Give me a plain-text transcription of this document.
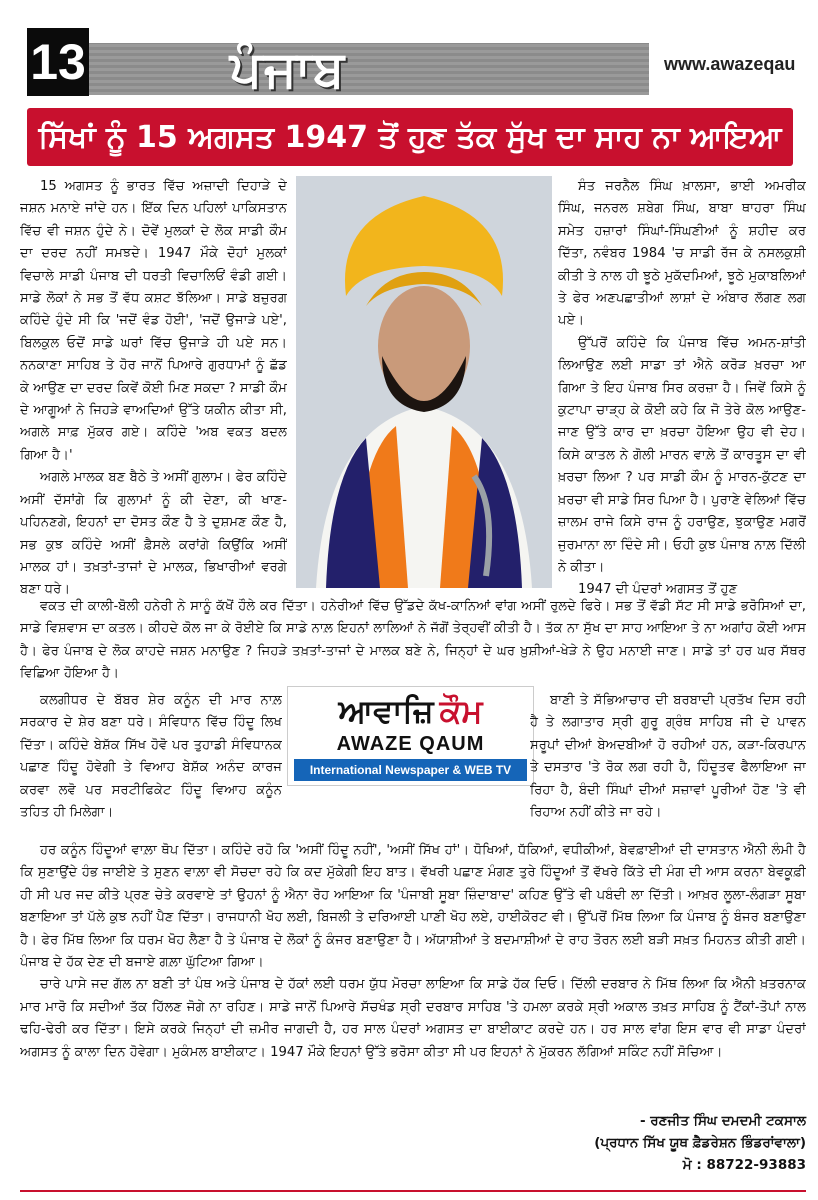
13	ਪੰਜਾਬ	www.awazeqau
ਸਿੱਖਾਂ ਨੂੰ 15 ਅਗਸਤ 1947 ਤੋਂ ਹੁਣ ਤੱਕ ਸੁੱਖ ਦਾ ਸਾਹ ਨਾ ਆਇਆ

15 ਅਗਸਤ ਨੂੰ ਭਾਰਤ ਵਿੱਚ ਅਜ਼ਾਦੀ ਦਿਹਾੜੇ ਦੇ ਜਸ਼ਨ ਮਨਾਏ ਜਾਂਦੇ ਹਨ। ਇੱਕ ਦਿਨ ਪਹਿਲਾਂ ਪਾਕਿਸਤਾਨ ਵਿੱਚ ਵੀ ਜਸ਼ਨ ਹੁੰਦੇ ਨੇ। ਦੋਵੇਂ ਮੁਲਕਾਂ ਦੇ ਲੋਕ ਸਾਡੀ ਕੌਮ ਦਾ ਦਰਦ ਨਹੀਂ ਸਮਝਦੇ। 1947 ਮੌਕੇ ਦੋਹਾਂ ਮੁਲਕਾਂ ਵਿਚਾਲੇ ਸਾਡੀ ਪੰਜਾਬ ਦੀ ਧਰਤੀ ਵਿਚਾਲਿਓਂ ਵੰਡੀ ਗਈ। ਸਾਡੇ ਲੋਕਾਂ ਨੇ ਸਭ ਤੋਂ ਵੱਧ ਕਸ਼ਟ ਝੱਲਿਆ। ਸਾਡੇ ਬਜ਼ੁਰਗ ਕਹਿੰਦੇ ਹੁੰਦੇ ਸੀ ਕਿ 'ਜਦੋਂ ਵੰਡ ਹੋਈ', 'ਜਦੋਂ ਉਜਾੜੇ ਪਏ', ਬਿਲਕੁਲ ਓਦੋਂ ਸਾਡੇ ਘਰਾਂ ਵਿੱਚ ਉਜਾੜੇ ਹੀ ਪਏ ਸਨ। ਨਨਕਾਣਾ ਸਾਹਿਬ ਤੇ ਹੋਰ ਜਾਨੋਂ ਪਿਆਰੇ ਗੁਰਧਾਮਾਂ ਨੂੰ ਛੱਡ ਕੇ ਆਉਣ ਦਾ ਦਰਦ ਕਿਵੇਂ ਕੋਈ ਮਿਣ ਸਕਦਾ ? ਸਾਡੀ ਕੌਮ ਦੇ ਆਗੂਆਂ ਨੇ ਜਿਹੜੇ ਵਾਅਦਿਆਂ ਉੱਤੇ ਯਕੀਨ ਕੀਤਾ ਸੀ, ਅਗਲੇ ਸਾਫ਼ ਮੁੱਕਰ ਗਏ। ਕਹਿੰਦੇ 'ਅਬ ਵਕਤ ਬਦਲ ਗਿਆ ਹੈ।'

ਅਗਲੇ ਮਾਲਕ ਬਣ ਬੈਠੇ ਤੇ ਅਸੀਂ ਗੁਲਾਮ। ਫੇਰ ਕਹਿੰਦੇ ਅਸੀਂ ਦੱਸਾਂਗੇ ਕਿ ਗੁਲਾਮਾਂ ਨੂੰ ਕੀ ਦੇਣਾ, ਕੀ ਖਾਣ-ਪਹਿਨਣਗੇ, ਇਹਨਾਂ ਦਾ ਦੋਸਤ ਕੌਣ ਹੈ ਤੇ ਦੁਸ਼ਮਣ ਕੌਣ ਹੈ, ਸਭ ਕੁਝ ਕਹਿੰਦੇ ਅਸੀਂ ਫ਼ੈਸਲੇ ਕਰਾਂਗੇ ਕਿਉਂਕਿ ਅਸੀਂ ਮਾਲਕ ਹਾਂ। ਤਖ਼ਤਾਂ-ਤਾਜਾਂ ਦੇ ਮਾਲਕ, ਭਿਖਾਰੀਆਂ ਵਰਗੇ ਬਣਾ ਧਰੇ।

ਸੰਤ ਜਰਨੈਲ ਸਿੰਘ ਖ਼ਾਲਸਾ, ਭਾਈ ਅਮਰੀਕ ਸਿੰਘ, ਜਨਰਲ ਸ਼ਬੇਗ ਸਿੰਘ, ਬਾਬਾ ਥਾਹਰਾ ਸਿੰਘ ਸਮੇਤ ਹਜ਼ਾਰਾਂ ਸਿੰਘਾਂ-ਸਿੰਘਣੀਆਂ ਨੂੰ ਸ਼ਹੀਦ ਕਰ ਦਿੱਤਾ, ਨਵੰਬਰ 1984 'ਚ ਸਾਡੀ ਰੱਜ ਕੇ ਨਸਲਕੁਸ਼ੀ ਕੀਤੀ ਤੇ ਨਾਲ ਹੀ ਝੂਠੇ ਮੁਕੱਦਮਿਆਂ, ਝੂਠੇ ਮੁਕਾਬਲਿਆਂ ਤੇ ਫੇਰ ਅਣਪਛਾਤੀਆਂ ਲਾਸ਼ਾਂ ਦੇ ਅੰਬਾਰ ਲੱਗਣ ਲਗ ਪਏ।

ਉੱਪਰੋਂ ਕਹਿੰਦੇ ਕਿ ਪੰਜਾਬ ਵਿੱਚ ਅਮਨ-ਸ਼ਾਂਤੀ ਲਿਆਉਣ ਲਈ ਸਾਡਾ ਤਾਂ ਐਨੇ ਕਰੋੜ ਖ਼ਰਚਾ ਆ ਗਿਆ ਤੇ ਇਹ ਪੰਜਾਬ ਸਿਰ ਕਰਜ਼ਾ ਹੈ। ਜਿਵੇਂ ਕਿਸੇ ਨੂੰ ਕੁਟਾਪਾ ਚਾੜ੍ਹ ਕੇ ਕੋਈ ਕਹੇ ਕਿ ਜੋ ਤੇਰੇ ਕੋਲ ਆਉਣ-ਜਾਣ ਉੱਤੇ ਕਾਰ ਦਾ ਖ਼ਰਚਾ ਹੋਇਆ ਉਹ ਵੀ ਦੇਹ। ਕਿਸੇ ਕਾਤਲ ਨੇ ਗੋਲੀ ਮਾਰਨ ਵਾਲ਼ੇ ਤੋਂ ਕਾਰਤੂਸ ਦਾ ਵੀ ਖ਼ਰਚਾ ਲਿਆ ? ਪਰ ਸਾਡੀ ਕੌਮ ਨੂੰ ਮਾਰਨ-ਕੁੱਟਣ ਦਾ ਖ਼ਰਚਾ ਵੀ ਸਾਡੇ ਸਿਰ ਪਿਆ ਹੈ। ਪੁਰਾਣੇ ਵੇਲਿਆਂ ਵਿੱਚ ਜ਼ਾਲਮ ਰਾਜੇ ਕਿਸੇ ਰਾਜ ਨੂੰ ਹਰਾਉਣ, ਝੁਕਾਉਣ ਮਗਰੋਂ ਜੁਰਮਾਨਾ ਲਾ ਦਿੰਦੇ ਸੀ। ਓਹੀ ਕੁਝ ਪੰਜਾਬ ਨਾਲ਼ ਦਿੱਲੀ ਨੇ ਕੀਤਾ।

1947 ਦੀ ਪੰਦਰਾਂ ਅਗਸਤ ਤੋਂ ਹੁਣ

ਵਕਤ ਦੀ ਕਾਲੀ-ਬੋਲੀ ਹਨੇਰੀ ਨੇ ਸਾਨੂੰ ਕੱਖੋਂ ਹੌਲੇ ਕਰ ਦਿੱਤਾ। ਹਨੇਰੀਆਂ ਵਿੱਚ ਉੱਡਦੇ ਕੱਖ-ਕਾਨਿਆਂ ਵਾਂਗ ਅਸੀਂ ਰੁਲਦੇ ਫਿਰੇ। ਸਭ ਤੋਂ ਵੱਡੀ ਸੱਟ ਸੀ ਸਾਡੇ ਭਰੋਸਿਆਂ ਦਾ, ਸਾਡੇ ਵਿਸ਼ਵਾਸ ਦਾ ਕਤਲ। ਕੀਹਦੇ ਕੋਲ ਜਾ ਕੇ ਰੋਈਏ ਕਿ ਸਾਡੇ ਨਾਲ਼ ਇਹਨਾਂ ਲਾਲਿਆਂ ਨੇ ਜੱਗੋਂ ਤੇਰ੍ਹਵੀਂ ਕੀਤੀ ਹੈ। ਤੱਕ ਨਾ ਸੁੱਖ ਦਾ ਸਾਹ ਆਇਆ ਤੇ ਨਾ ਅਗਾਂਹ ਕੋਈ ਆਸ ਹੈ। ਫੇਰ ਪੰਜਾਬ ਦੇ ਲੋਕ ਕਾਹਦੇ ਜਸ਼ਨ ਮਨਾਉਣ ? ਜਿਹੜੇ ਤਖ਼ਤਾਂ-ਤਾਜਾਂ ਦੇ ਮਾਲਕ ਬਣੇ ਨੇ, ਜਿਨ੍ਹਾਂ ਦੇ ਘਰ ਖ਼ੁਸ਼ੀਆਂ-ਖੇੜੇ ਨੇ ਉਹ ਮਨਾਈ ਜਾਣ। ਸਾਡੇ ਤਾਂ ਹਰ ਘਰ ਸੱਥਰ ਵਿਛਿਆ ਹੋਇਆ ਹੈ।

ਕਲਗੀਧਰ ਦੇ ਬੱਬਰ ਸ਼ੇਰ ਕਨੂੰਨ ਦੀ ਮਾਰ ਨਾਲ਼ ਸਰਕਾਰ ਦੇ ਸ਼ੇਰ ਬਣਾ ਧਰੇ। ਸੰਵਿਧਾਨ ਵਿੱਚ ਹਿੰਦੂ ਲਿਖ ਦਿੱਤਾ। ਕਹਿੰਦੇ ਬੇਸ਼ੱਕ ਸਿੱਖ ਹੋਵੋ ਪਰ ਤੁਹਾਡੀ ਸੰਵਿਧਾਨਕ ਪਛਾਣ ਹਿੰਦੂ ਹੋਵੇਗੀ ਤੇ ਵਿਆਹ ਬੇਸ਼ੱਕ ਅਨੰਦ ਕਾਰਜ ਕਰਵਾ ਲਵੋ ਪਰ ਸਰਟੀਫਿਕੇਟ ਹਿੰਦੂ ਵਿਆਹ ਕਨੂੰਨ ਤਹਿਤ ਹੀ ਮਿਲੇਗਾ।

ਆਵਾਜ਼ਿ ਕੌਮ
AWAZE QAUM
International Newspaper & WEB TV

ਬਾਣੀ ਤੇ ਸੱਭਿਆਚਾਰ ਦੀ ਬਰਬਾਦੀ ਪ੍ਰਤੱਖ ਦਿਸ ਰਹੀ ਹੈ ਤੇ ਲਗਾਤਾਰ ਸ੍ਰੀ ਗੁਰੂ ਗ੍ਰੰਥ ਸਾਹਿਬ ਜੀ ਦੇ ਪਾਵਨ ਸਰੂਪਾਂ ਦੀਆਂ ਬੇਅਦਬੀਆਂ ਹੋ ਰਹੀਆਂ ਹਨ, ਕੜਾ-ਕਿਰਪਾਨ ਤੇ ਦਸਤਾਰ 'ਤੇ ਰੋਕ ਲਗ ਰਹੀ ਹੈ, ਹਿੰਦੂਤਵ ਫੈਲਾਇਆ ਜਾ ਰਿਹਾ ਹੈ, ਬੰਦੀ ਸਿੰਘਾਂ ਦੀਆਂ ਸਜ਼ਾਵਾਂ ਪੂਰੀਆਂ ਹੋਣ 'ਤੇ ਵੀ ਰਿਹਾਅ ਨਹੀਂ ਕੀਤੇ ਜਾ ਰਹੇ।

ਹਰ ਕਨੂੰਨ ਹਿੰਦੂਆਂ ਵਾਲ਼ਾ ਥੋਪ ਦਿੱਤਾ। ਕਹਿੰਦੇ ਰਹੋ ਕਿ 'ਅਸੀਂ ਹਿੰਦੂ ਨਹੀਂ', 'ਅਸੀਂ ਸਿੱਖ ਹਾਂ'। ਧੋਖਿਆਂ, ਧੱਕਿਆਂ, ਵਧੀਕੀਆਂ, ਬੇਵਫ਼ਾਈਆਂ ਦੀ ਦਾਸਤਾਨ ਐਨੀ ਲੰਮੀ ਹੈ ਕਿ ਸੁਣਾਉਂਦੇ ਹੰਭ ਜਾਈਏ ਤੇ ਸੁਣਨ ਵਾਲ਼ਾ ਵੀ ਸੋਚਦਾ ਰਹੇ ਕਿ ਕਦ ਮੁੱਕੇਗੀ ਇਹ ਬਾਤ। ਵੱਖਰੀ ਪਛਾਣ ਮੰਗਣ ਤੁਰੇ ਹਿੰਦੂਆਂ ਤੋਂ ਵੱਖਰੇ ਕਿੱਤੇ ਦੀ ਮੰਗ ਦੀ ਆਸ ਕਰਨਾ ਬੇਵਕੂਫ਼ੀ ਹੀ ਸੀ ਪਰ ਜਦ ਕੀਤੇ ਪ੍ਰਣ ਚੇਤੇ ਕਰਵਾਏ ਤਾਂ ਉਹਨਾਂ ਨੂੰ ਐਨਾ ਰੋਹ ਆਇਆ ਕਿ 'ਪੰਜਾਬੀ ਸੂਬਾ ਜ਼ਿੰਦਾਬਾਦ' ਕਹਿਣ ਉੱਤੇ ਵੀ ਪਬੰਦੀ ਲਾ ਦਿੱਤੀ। ਆਖ਼ਰ ਲੂਲਾ-ਲੰਗੜਾ ਸੂਬਾ ਬਣਾਇਆ ਤਾਂ ਪੱਲੇ ਕੁਝ ਨਹੀਂ ਪੈਣ ਦਿੱਤਾ। ਰਾਜਧਾਨੀ ਖੋਹ ਲਈ, ਬਿਜਲੀ ਤੇ ਦਰਿਆਈ ਪਾਣੀ ਖੋਹ ਲਏ, ਹਾਈਕੋਰਟ ਵੀ। ਉੱਪਰੋਂ ਮਿੱਥ ਲਿਆ ਕਿ ਪੰਜਾਬ ਨੂੰ ਬੰਜਰ ਬਣਾਉਣਾ ਹੈ। ਫੇਰ ਮਿੱਥ ਲਿਆ ਕਿ ਧਰਮ ਖੋਹ ਲੈਣਾ ਹੈ ਤੇ ਪੰਜਾਬ ਦੇ ਲੋਕਾਂ ਨੂੰ ਕੰਜਰ ਬਣਾਉਣਾ ਹੈ। ਅੱਯਾਸ਼ੀਆਂ ਤੇ ਬਦਮਾਸ਼ੀਆਂ ਦੇ ਰਾਹ ਤੋਰਨ ਲਈ ਬੜੀ ਸਖ਼ਤ ਮਿਹਨਤ ਕੀਤੀ ਗਈ। ਪੰਜਾਬ ਦੇ ਹੱਕ ਦੇਣ ਦੀ ਬਜਾਏ ਗਲ਼ਾ ਘੁੱਟਿਆ ਗਿਆ।

ਚਾਰੇ ਪਾਸੇ ਜਦ ਗੱਲ ਨਾ ਬਣੀ ਤਾਂ ਪੰਥ ਅਤੇ ਪੰਜਾਬ ਦੇ ਹੱਕਾਂ ਲਈ ਧਰਮ ਯੁੱਧ ਮੋਰਚਾ ਲਾਇਆ ਕਿ ਸਾਡੇ ਹੱਕ ਦਿਓ। ਦਿੱਲੀ ਦਰਬਾਰ ਨੇ ਮਿੱਥ ਲਿਆ ਕਿ ਐਨੀ ਖ਼ਤਰਨਾਕ ਮਾਰ ਮਾਰੋ ਕਿ ਸਦੀਆਂ ਤੱਕ ਹਿੱਲਣ ਜੋਗੇ ਨਾ ਰਹਿਣ। ਸਾਡੇ ਜਾਨੋਂ ਪਿਆਰੇ ਸੱਚਖੰਡ ਸ੍ਰੀ ਦਰਬਾਰ ਸਾਹਿਬ 'ਤੇ ਹਮਲਾ ਕਰਕੇ ਸ੍ਰੀ ਅਕਾਲ ਤਖ਼ਤ ਸਾਹਿਬ ਨੂੰ ਟੈਂਕਾਂ-ਤੋਪਾਂ ਨਾਲ ਢਹਿ-ਢੇਰੀ ਕਰ ਦਿੱਤਾ। ਇਸੇ ਕਰਕੇ ਜਿਨ੍ਹਾਂ ਦੀ ਜ਼ਮੀਰ ਜਾਗਦੀ ਹੈ, ਹਰ ਸਾਲ ਪੰਦਰਾਂ ਅਗਸਤ ਦਾ ਬਾਈਕਾਟ ਕਰਦੇ ਹਨ। ਹਰ ਸਾਲ ਵਾਂਗ ਇਸ ਵਾਰ ਵੀ ਸਾਡਾ ਪੰਦਰਾਂ ਅਗਸਤ ਨੂੰ ਕਾਲਾ ਦਿਨ ਹੋਵੇਗਾ। ਮੁਕੰਮਲ ਬਾਈਕਾਟ। 1947 ਮੌਕੇ ਇਹਨਾਂ ਉੱਤੇ ਭਰੋਸਾ ਕੀਤਾ ਸੀ ਪਰ ਇਹਨਾਂ ਨੇ ਮੁੱਕਰਨ ਲੱਗਿਆਂ ਸਕਿੰਟ ਨਹੀਂ ਸੋਚਿਆ।

- ਰਣਜੀਤ ਸਿੰਘ ਦਮਦਮੀ ਟਕਸਾਲ
(ਪ੍ਰਧਾਨ ਸਿੱਖ ਯੂਥ ਫ਼ੈਡਰੇਸ਼ਨ ਭਿੰਡਰਾਂਵਾਲਾ)
ਮੋ : 88722-93883
